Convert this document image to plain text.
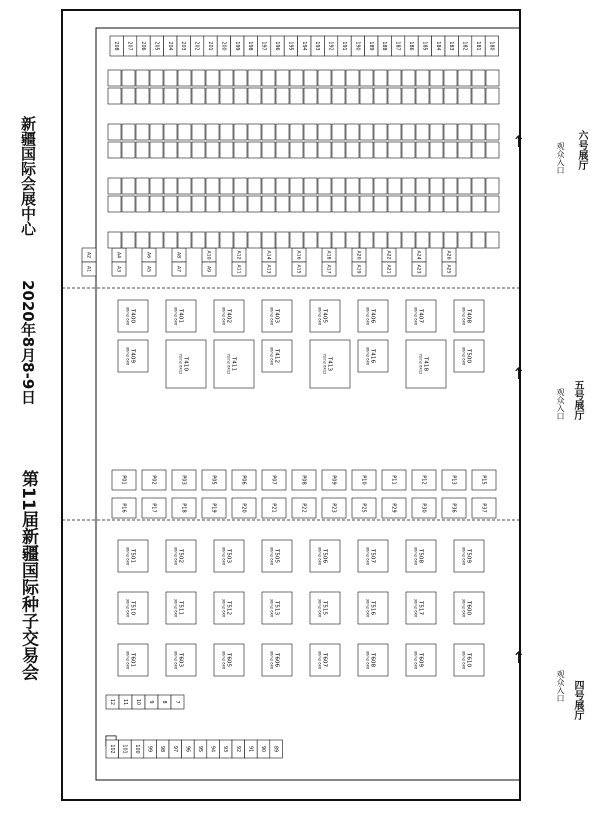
208 207 206 205 204 203 202 201 200 199 198 197 196 195 194 193 192 191 190 189 188 187 186 185 184 183 182 181 180
102 101 100 99 98 97 96 95 94 93 92 91 90 89
12 11 10 9 8 7
A26
A25
A24
A23
A22
A21
A20
A19
A18
A17
A16
A15
A14
A13
A12
A11
A10
A9
A8
A7
A6
A5
A4
A3
A2
A1
T400
36m2 6X6	T401
36m2 6X6	T402
36m2 6X6	T403
36m2 6X6	T405
36m2 6X6	T406
36m2 6X6	T407
36m2 6X6	T408
36m2 6X6
T409
36m2 6X6	T410
72m2 6X12	T411
72m2 6X12	T412
36m2 6X6	T413
72m2 6X12	T416
36m2 6X6	T418
72m2 6X12	T500
36m2 6X6
T501
36m2 6X6	T502
36m2 6X6	T503
36m2 6X6	T505
36m2 6X6	T506
36m2 6X6	T507
36m2 6X6	T508
36m2 6X6	T509
36m2 6X6
T510
36m2 6X6	T511
36m2 6X6	T512
36m2 6X6	T513
36m2 6X6	T515
36m2 6X6	T516
36m2 6X6	T517
36m2 6X6	T600
36m2 6X6
T601
36m2 6X6	T603
36m2 6X6	T605
36m2 6X6	T606
36m2 6X6	T607
36m2 6X6	T608
36m2 6X6	T609
36m2 6X6	T610
36m2 6X6
P01	P02	P03	P05	P06	P07	P08	P09	P10	P11	P12	P13	P15
P16	P17	P18	P19	P20	P21	P22	P23	P25	P29	P30	P36	P37
第11届新疆国际种子交易会
2020年8月8-9日
新疆国际会展中心
四号展厅
五号展厅
六号展厅
观众入口
观众入口
观众入口
↑
↑
↑
